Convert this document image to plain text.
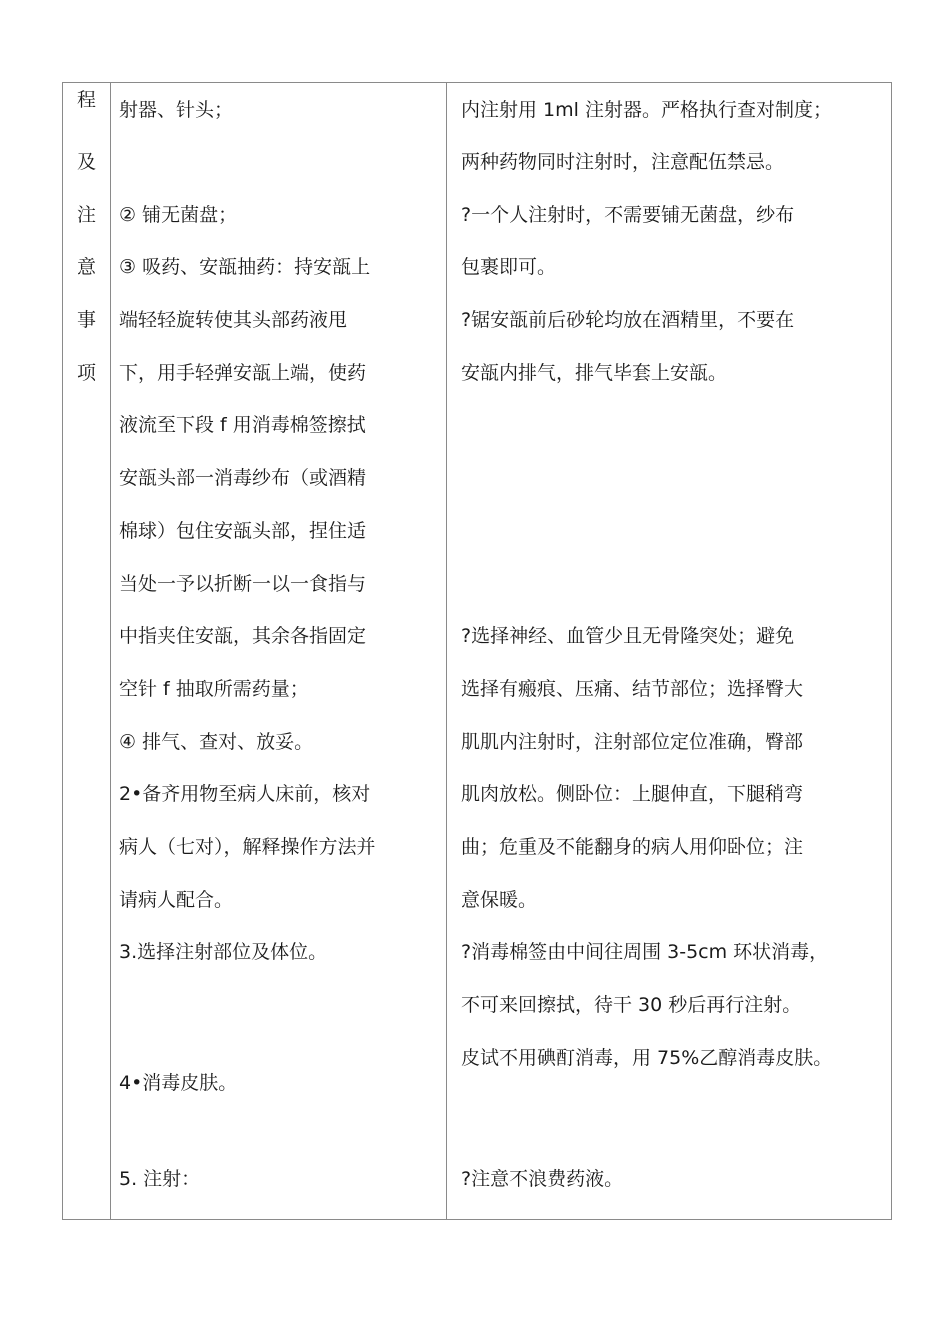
程
及
注
意
事
项
射器、针头；
② 铺无菌盘；
③ 吸药、安瓿抽药：持安瓿上
端轻轻旋转使其头部药液甩
下，用手轻弹安瓿上端，使药
液流至下段 f 用消毒棉签擦拭
安瓿头部一消毒纱布（或酒精
棉球）包住安瓿头部，捏住适
当处一予以折断一以一食指与
中指夹住安瓿，其余各指固定
空针 f 抽取所需药量；
④ 排气、查对、放妥。
2•备齐用物至病人床前，核对
病人（七对），解释操作方法并
请病人配合。
3.选择注射部位及体位。
4•消毒皮肤。
5. 注射：
内注射用 1ml 注射器。严格执行查对制度；
两种药物同时注射时，注意配伍禁忌。
?一个人注射时，不需要铺无菌盘，纱布
包裹即可。
?锯安瓿前后砂轮均放在酒精里，不要在
安瓿内排气，排气毕套上安瓿。
?选择神经、血管少且无骨隆突处；避免
选择有瘢痕、压痛、结节部位；选择臀大
肌肌内注射时，注射部位定位准确，臀部
肌肉放松。侧卧位：上腿伸直，下腿稍弯
曲；危重及不能翻身的病人用仰卧位；注
意保暖。
?消毒棉签由中间往周围 3-5cm 环状消毒，
不可来回擦拭，待干 30 秒后再行注射。
皮试不用碘酊消毒，用 75%乙醇消毒皮肤。
?注意不浪费药液。
